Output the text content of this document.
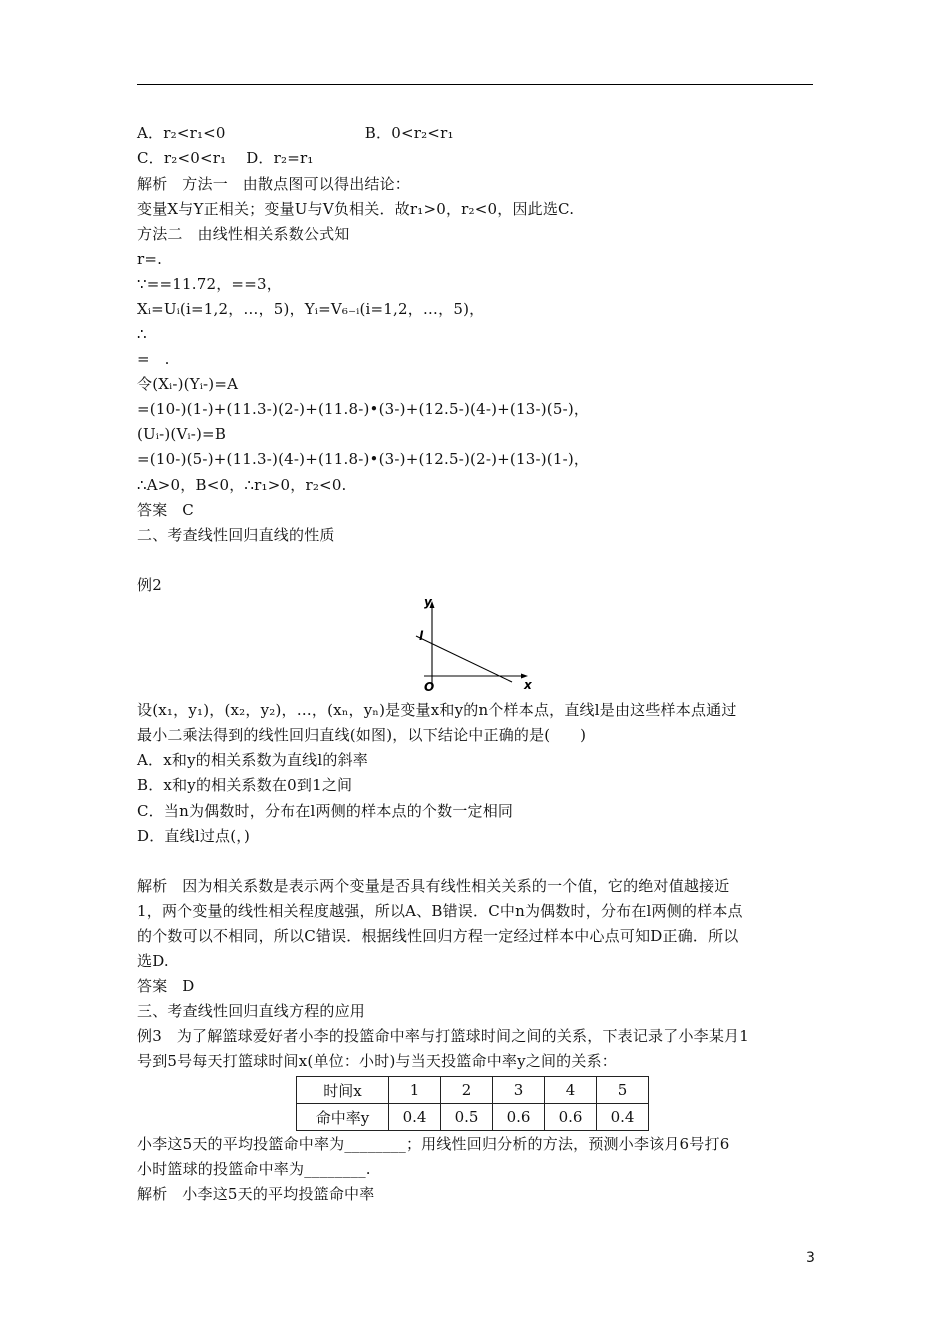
A．r₂<r₁<0                            B．0<r₂<r₁
C．r₂<0<r₁    D．r₂=r₁
解析   方法一   由散点图可以得出结论：
变量X与Y正相关；变量U与V负相关．故r₁>0，r₂<0，因此选C.
方法二   由线性相关系数公式知
r=.
∵==11.72，==3，
Xᵢ=Uᵢ(i=1,2，…，5)，Yᵢ=V₆₋ᵢ(i=1,2，…，5)，
∴
=   .
令(Xᵢ-)(Yᵢ-)=A
=(10-)(1-)+(11.3-)(2-)+(11.8-)•(3-)+(12.5-)(4-)+(13-)(5-)，
(Uᵢ-)(Vᵢ-)=B
=(10-)(5-)+(11.3-)(4-)+(11.8-)•(3-)+(12.5-)(2-)+(13-)(1-)，
∴A>0，B<0，∴r₁>0，r₂<0.
答案   C
二、考查线性回归直线的性质
例2
y
x
l
O
设(x₁，y₁)，(x₂，y₂)，…，(xₙ，yₙ)是变量x和y的n个样本点，直线l是由这些样本点通过
最小二乘法得到的线性回归直线(如图)，以下结论中正确的是(      )
A．x和y的相关系数为直线l的斜率
B．x和y的相关系数在0到1之间
C．当n为偶数时，分布在l两侧的样本点的个数一定相同
D．直线l过点(，)
解析   因为相关系数是表示两个变量是否具有线性相关关系的一个值，它的绝对值越接近
1，两个变量的线性相关程度越强，所以A、B错误．C中n为偶数时，分布在l两侧的样本点
的个数可以不相同，所以C错误．根据线性回归方程一定经过样本中心点可知D正确．所以
选D.
答案   D
三、考查线性回归直线方程的应用
例3   为了解篮球爱好者小李的投篮命中率与打篮球时间之间的关系，下表记录了小李某月1
号到5号每天打篮球时间x(单位：小时)与当天投篮命中率y之间的关系：
时间x	1	2	3	4	5
命中率y	0.4	0.5	0.6	0.6	0.4
小李这5天的平均投篮命中率为________；用线性回归分析的方法，预测小李该月6号打6
小时篮球的投篮命中率为________.
解析   小李这5天的平均投篮命中率
3
